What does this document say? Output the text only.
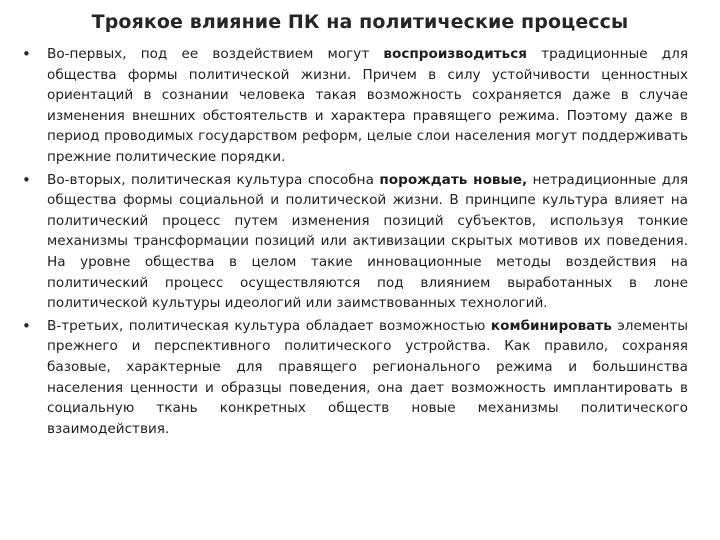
Троякое влияние ПК на политические процессы
• Во-первых, под ее воздействием могут воспроизводиться традиционные для общества формы политической жизни. Причем в силу устойчивости ценностных ориентаций в сознании человека такая возможность сохраняется даже в случае изменения внешних обстоятельств и характера правящего режима. Поэтому даже в период проводимых государством реформ, целые слои населения могут поддерживать прежние политические порядки.
• Во-вторых, политическая культура способна порождать новые, нетрадиционные для общества формы социальной и политической жизни. В принципе культура влияет на политический процесс путем изменения позиций субъектов, используя тонкие механизмы трансформации позиций или активизации скрытых мотивов их поведения. На уровне общества в целом такие инновационные методы воздействия на политический процесс осуществляются под влиянием выработанных в лоне политической культуры идеологий или заимствованных технологий.
• В-третьих, политическая культура обладает возможностью комбинировать элементы прежнего и перспективного политического устройства. Как правило, сохраняя базовые, характерные для правящего регионального режима и большинства населения ценности и образцы поведения, она дает возможность имплантировать в социальную ткань конкретных обществ новые механизмы политического взаимодействия.
